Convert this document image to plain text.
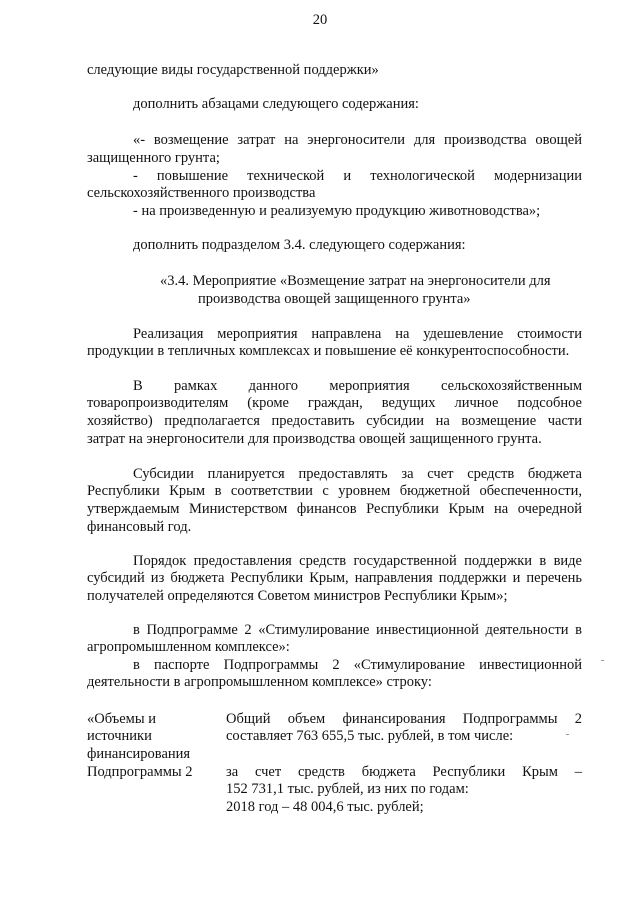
20
следующие виды государственной поддержки»
дополнить абзацами следующего содержания:
«- возмещение затрат на энергоносители для производства овощей
защищенного грунта;
- повышение технической и технологической модернизации
сельскохозяйственного производства
- на произведенную и реализуемую продукцию животноводства»;
дополнить подразделом 3.4. следующего содержания:
«3.4. Мероприятие «Возмещение затрат на энергоносители для
производства овощей защищенного грунта»
Реализация мероприятия направлена на удешевление стоимости
продукции в тепличных комплексах и повышение её конкурентоспособности.
В рамках данного мероприятия сельскохозяйственным
товаропроизводителям (кроме граждан, ведущих личное подсобное
хозяйство) предполагается предоставить субсидии на возмещение части
затрат на энергоносители для производства овощей защищенного грунта.
Субсидии планируется предоставлять за счет средств бюджета
Республики Крым в соответствии с уровнем бюджетной обеспеченности,
утверждаемым Министерством финансов Республики Крым на очередной
финансовый год.
Порядок предоставления средств государственной поддержки в виде
субсидий из бюджета Республики Крым, направления поддержки и перечень
получателей определяются Советом министров Республики Крым»;
в Подпрограмме 2 «Стимулирование инвестиционной деятельности в
агропромышленном комплексе»:
в паспорте Подпрограммы 2 «Стимулирование инвестиционной
деятельности в агропромышленном комплексе» строку:
«Объемы и
источники
финансирования
Подпрограммы 2
Общий объем финансирования Подпрограммы 2
составляет 763 655,5 тыс. рублей, в том числе:
за счет средств бюджета Республики Крым –
152 731,1 тыс. рублей, из них по годам:
2018 год – 48 004,6 тыс. рублей;
